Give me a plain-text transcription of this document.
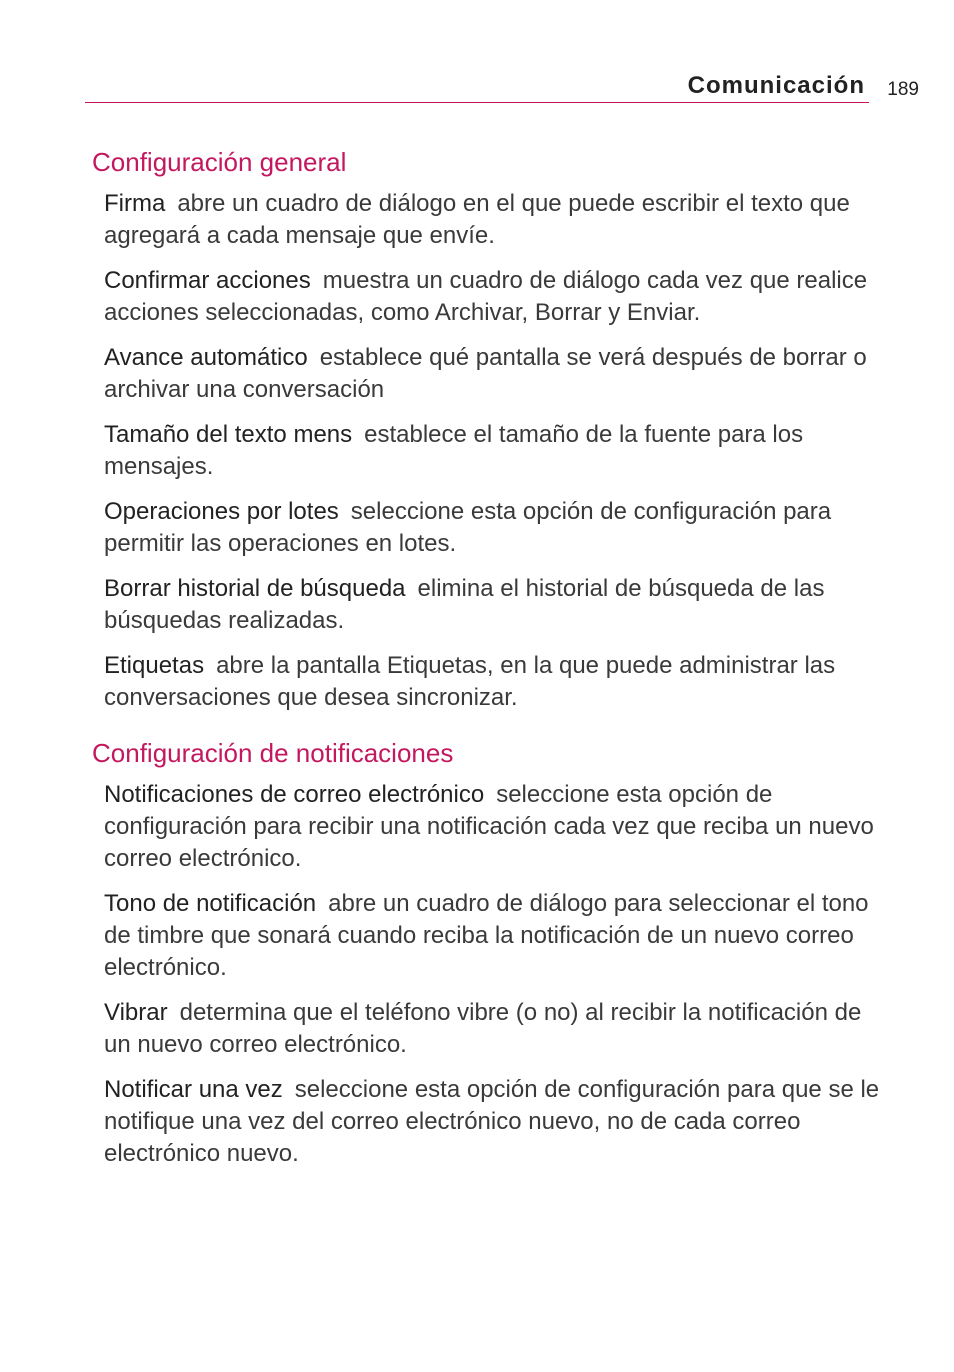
Comunicación 189
Configuración general

Firma abre un cuadro de diálogo en el que puede escribir el texto que agregará a cada mensaje que envíe.

Confirmar acciones muestra un cuadro de diálogo cada vez que realice acciones seleccionadas, como Archivar, Borrar y Enviar.

Avance automático establece qué pantalla se verá después de borrar o archivar una conversación

Tamaño del texto mens establece el tamaño de la fuente para los mensajes.

Operaciones por lotes seleccione esta opción de configuración para permitir las operaciones en lotes.

Borrar historial de búsqueda elimina el historial de búsqueda de las búsquedas realizadas.

Etiquetas abre la pantalla Etiquetas, en la que puede administrar las conversaciones que desea sincronizar.

Configuración de notificaciones

Notificaciones de correo electrónico seleccione esta opción de configuración para recibir una notificación cada vez que reciba un nuevo correo electrónico.

Tono de notificación abre un cuadro de diálogo para seleccionar el tono de timbre que sonará cuando reciba la notificación de un nuevo correo electrónico.

Vibrar determina que el teléfono vibre (o no) al recibir la notificación de un nuevo correo electrónico.

Notificar una vez seleccione esta opción de configuración para que se le notifique una vez del correo electrónico nuevo, no de cada correo electrónico nuevo.
